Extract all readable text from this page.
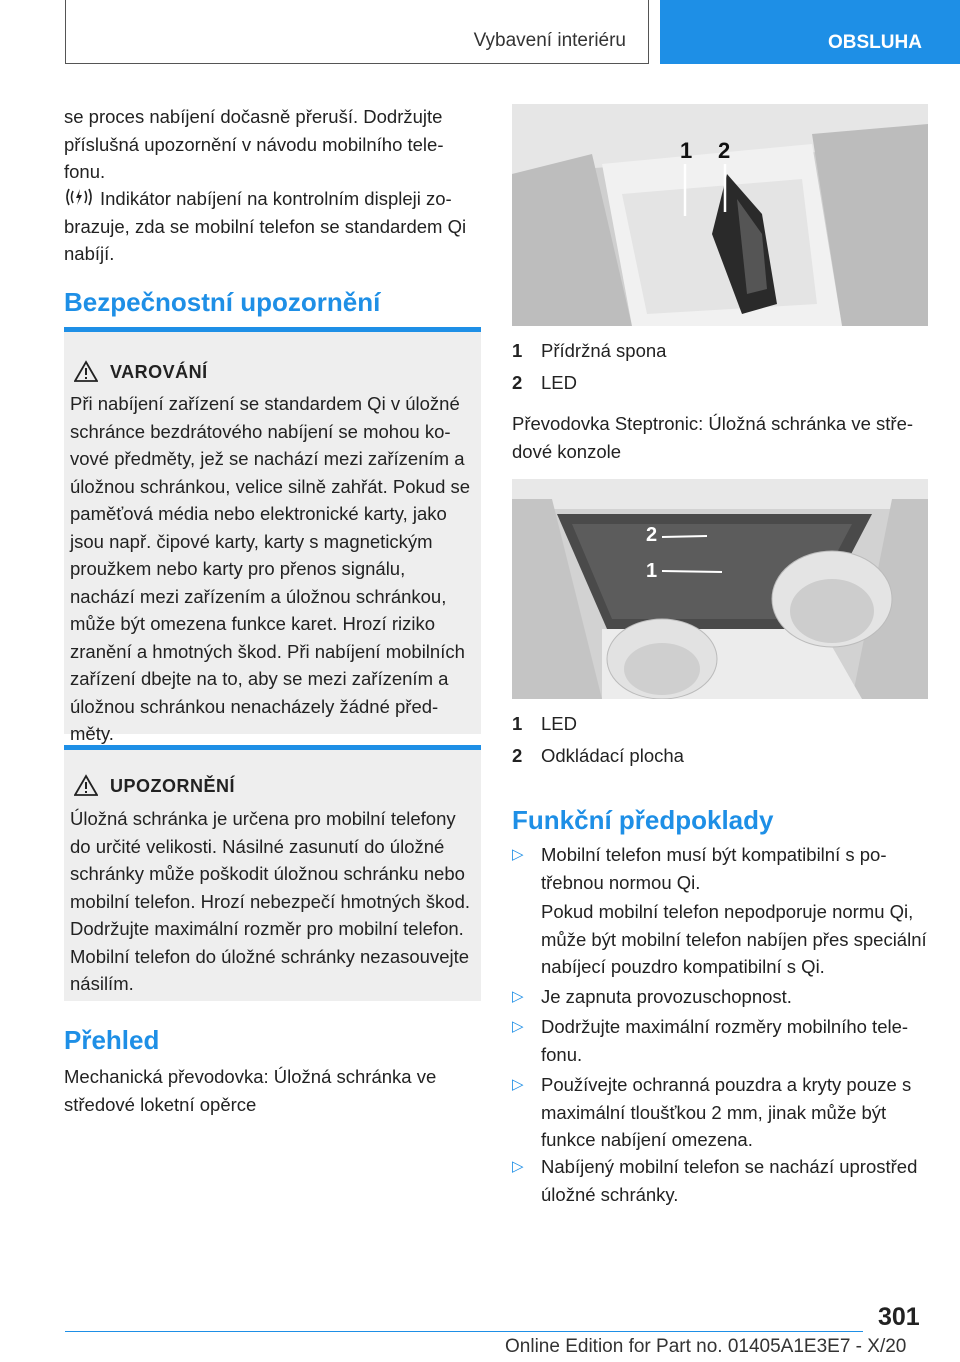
Vybavení interiéru	OBSLUHA

se proces nabíjení dočasně přeruší. Dodržujte příslušná upozornění v návodu mobilního telefonu.

Indikátor nabíjení na kontrolním displeji zobrazuje, zda se mobilní telefon se standardem Qi nabíjí.

Bezpečnostní upozornění
VAROVÁNÍ
Při nabíjení zařízení se standardem Qi v úložné schránce bezdrátového nabíjení se mohou kovové předměty, jež se nachází mezi zařízením a úložnou schránkou, velice silně zahřát. Pokud se paměťová média nebo elektronické karty, jako jsou např. čipové karty, karty s magnetickým proužkem nebo karty pro přenos signálu, nachází mezi zařízením a úložnou schránkou, může být omezena funkce karet. Hrozí riziko zranění a hmotných škod. Při nabíjení mobilních zařízení dbejte na to, aby se mezi zařízením a úložnou schránkou nenacházely žádné předměty.
UPOZORNĚNÍ
Úložná schránka je určena pro mobilní telefony do určité velikosti. Násilné zasunutí do úložné schránky může poškodit úložnou schránku nebo mobilní telefon. Hrozí nebezpečí hmotných škod. Dodržujte maximální rozměr pro mobilní telefon. Mobilní telefon do úložné schránky nezasouvejte násilím.
Přehled

Mechanická převodovka: Úložná schránka ve středové loketní opěrce

1 2
1 Přídržná spona
2 LED

Převodovka Steptronic: Úložná schránka ve středové konzole

2
1
1 LED
2 Odkládací plocha
Funkční předpoklady
▷ Mobilní telefon musí být kompatibilní s potřebnou normou Qi.
Pokud mobilní telefon nepodporuje normu Qi, může být mobilní telefon nabíjen přes speciální nabíjecí pouzdro kompatibilní s Qi.
▷ Je zapnuta provozuschopnost.
▷ Dodržujte maximální rozměry mobilního telefonu.
▷ Používejte ochranná pouzdra a kryty pouze s maximální tloušťkou 2 mm, jinak může být funkce nabíjení omezena.
▷ Nabíjený mobilní telefon se nachází uprostřed úložné schránky.
301
Online Edition for Part no. 01405A1E3E7 - X/20
